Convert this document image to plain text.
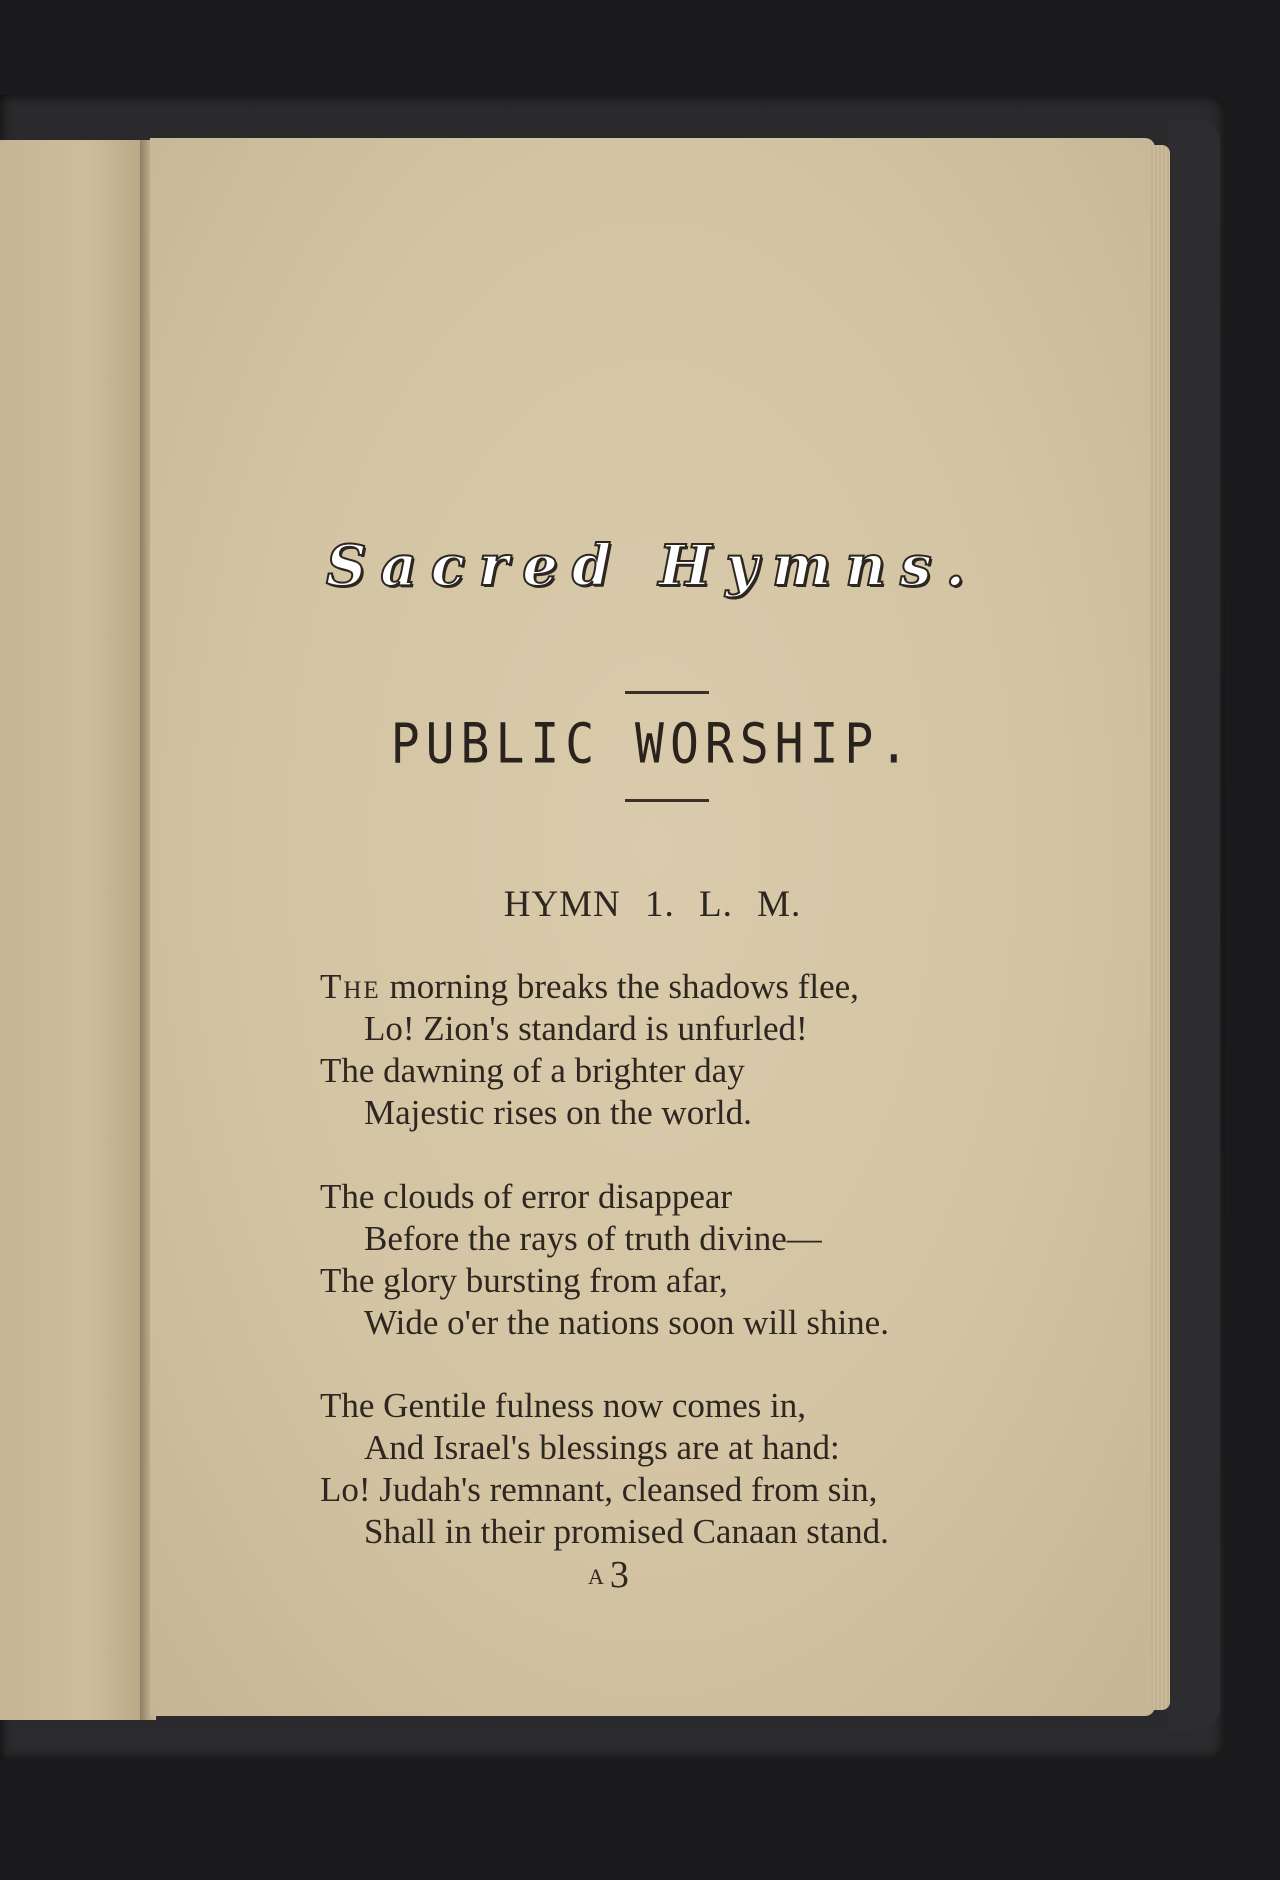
Sacred Hymns.
PUBLIC WORSHIP.
HYMN 1. L. M.
The morning breaks the shadows flee,
Lo! Zion's standard is unfurled!
The dawning of a brighter day
Majestic rises on the world.
The clouds of error disappear
Before the rays of truth divine—
The glory bursting from afar,
Wide o'er the nations soon will shine.
The Gentile fulness now comes in,
And Israel's blessings are at hand:
Lo! Judah's remnant, cleansed from sin,
Shall in their promised Canaan stand.
A 3
